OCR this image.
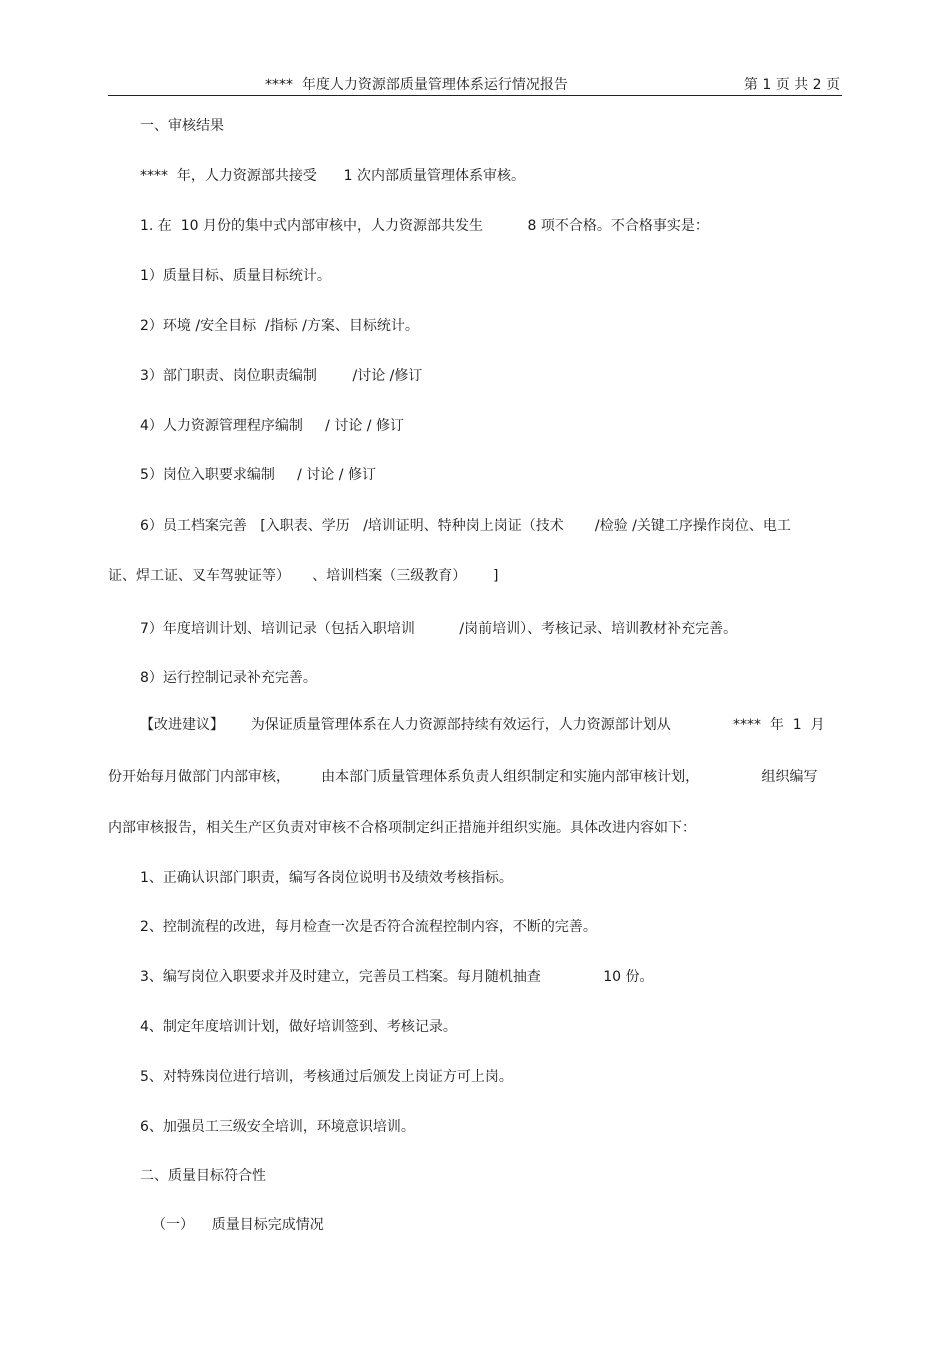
****  年度人力资源部质量管理体系运行情况报告	第 1 页 共 2 页
一、审核结果
****  年，人力资源部共接受      1 次内部质量管理体系审核。
1. 在  10 月份的集中式内部审核中，人力资源部共发生          8 项不合格。不合格事实是：
1）质量目标、质量目标统计。
2）环境 /安全目标  /指标 /方案、目标统计。
3）部门职责、岗位职责编制        /讨论 /修订
4）人力资源管理程序编制     / 讨论 / 修订
5）岗位入职要求编制     / 讨论 / 修订
6）员工档案完善   [入职表、学历   /培训证明、特种岗上岗证（技术       /检验 /关键工序操作岗位、电工
证、焊工证、叉车驾驶证等）     、培训档案（三级教育）      ]
7）年度培训计划、培训记录（包括入职培训          /岗前培训）、考核记录、培训教材补充完善。
8）运行控制记录补充完善。
【改进建议】      为保证质量管理体系在人力资源部持续有效运行，人力资源部计划从              ****  年  1  月
份开始每月做部门内部审核，       由本部门质量管理体系负责人组织制定和实施内部审核计划，              组织编写
内部审核报告，相关生产区负责对审核不合格项制定纠正措施并组织实施。具体改进内容如下：
1、正确认识部门职责，编写各岗位说明书及绩效考核指标。
2、控制流程的改进，每月检查一次是否符合流程控制内容，不断的完善。
3、编写岗位入职要求并及时建立，完善员工档案。每月随机抽查              10 份。
4、制定年度培训计划，做好培训签到、考核记录。
5、对特殊岗位进行培训，考核通过后颁发上岗证方可上岗。
6、加强员工三级安全培训，环境意识培训。
二、质量目标符合性
（一）    质量目标完成情况
